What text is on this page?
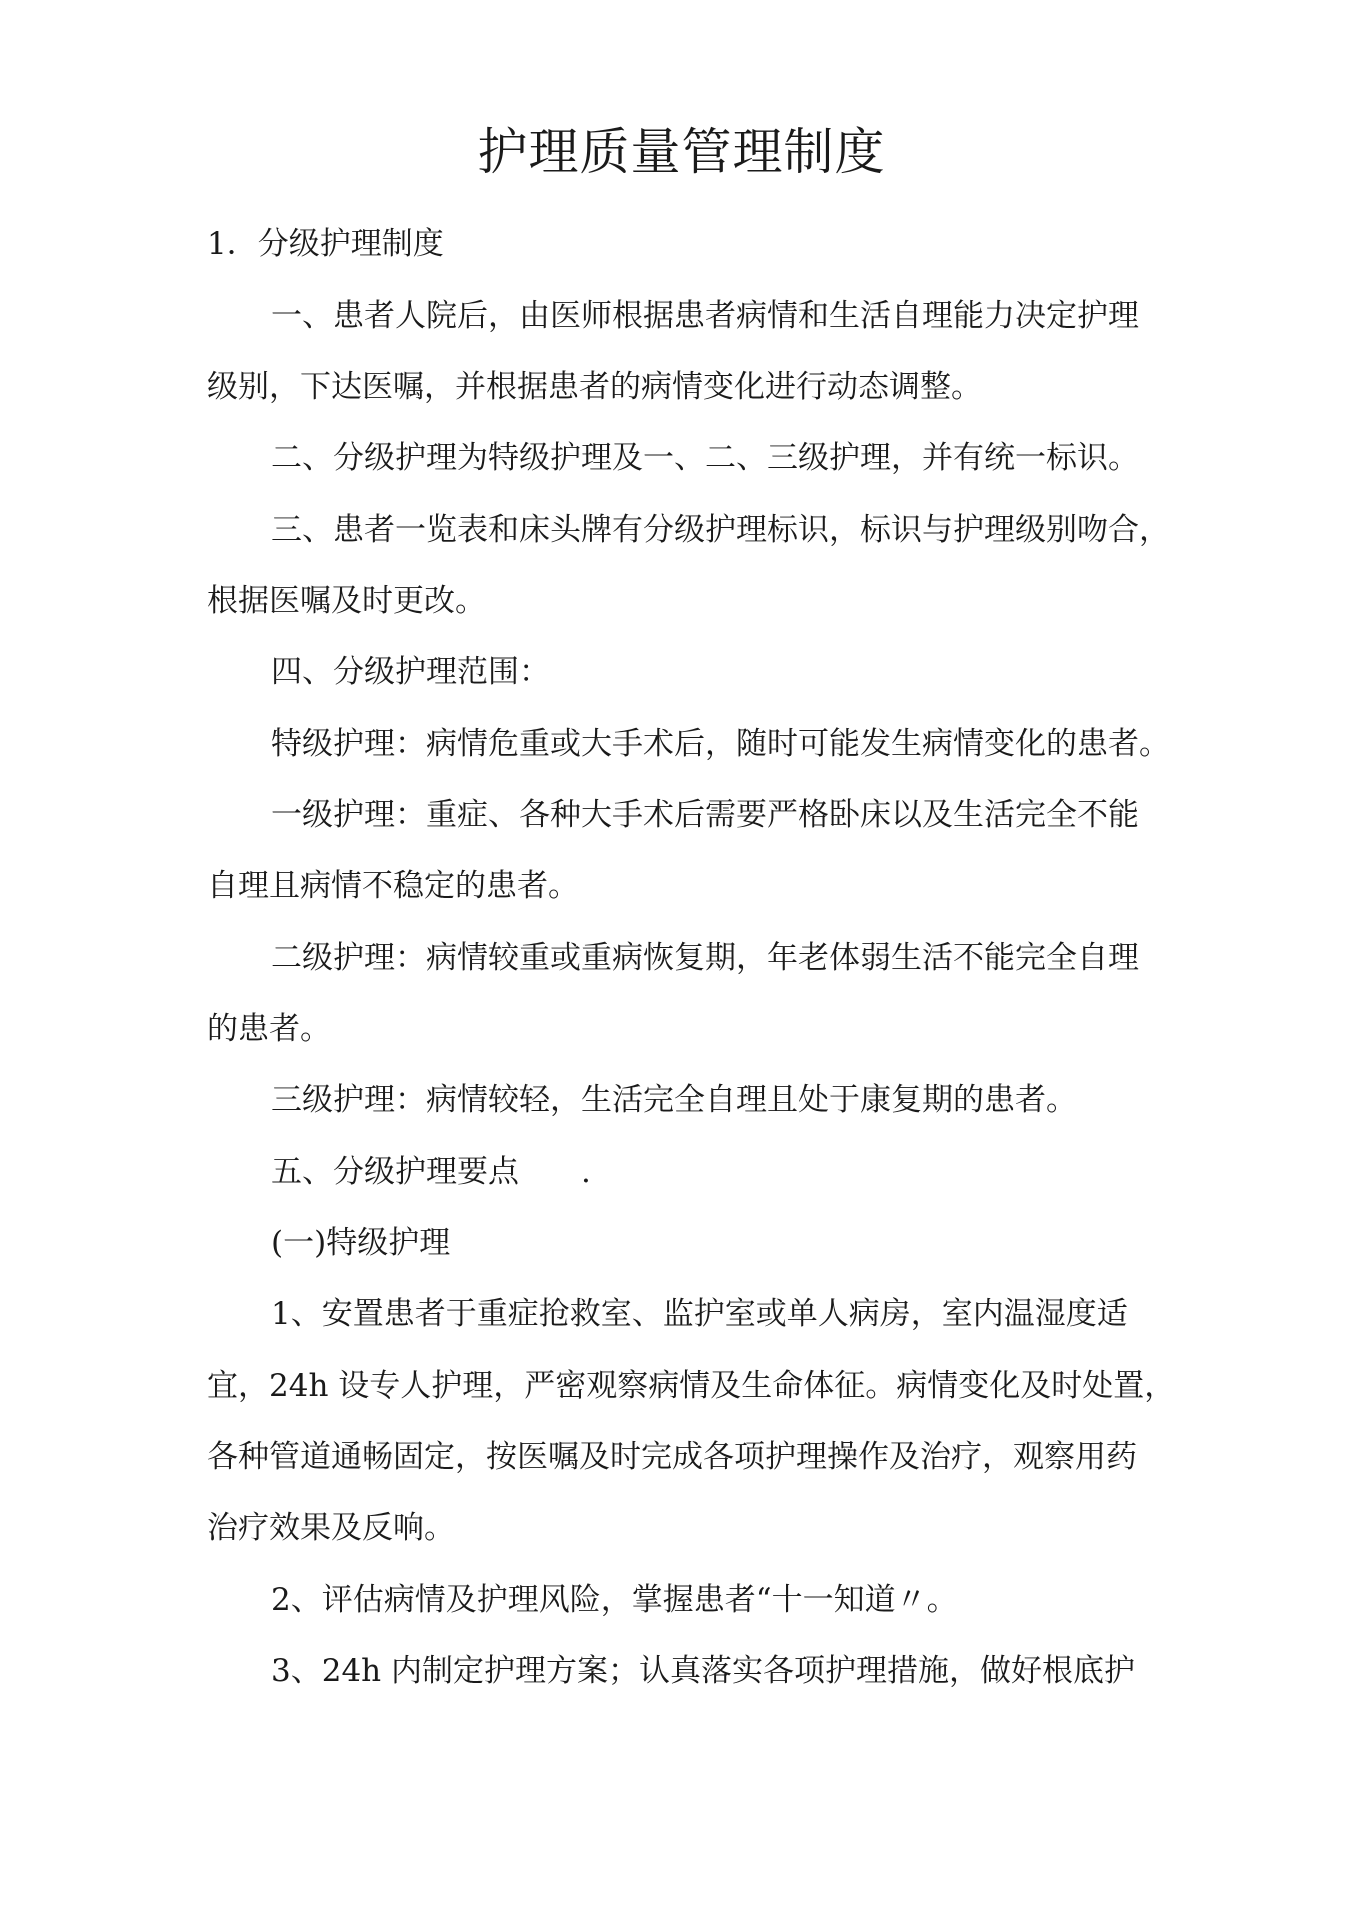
护理质量管理制度
1．分级护理制度
一、患者人院后，由医师根据患者病情和生活自理能力决定护理
级别，下达医嘱，并根据患者的病情变化进行动态调整。
二、分级护理为特级护理及一、二、三级护理，并有统一标识。
三、患者一览表和床头牌有分级护理标识，标识与护理级别吻合，
根据医嘱及时更改。
四、分级护理范围：
特级护理：病情危重或大手术后，随时可能发生病情变化的患者。
一级护理：重症、各种大手术后需要严格卧床以及生活完全不能
自理且病情不稳定的患者。
二级护理：病情较重或重病恢复期，年老体弱生活不能完全自理
的患者。
三级护理：病情较轻，生活完全自理且处于康复期的患者。
五、分级护理要点　　.
(一)特级护理
1、安置患者于重症抢救室、监护室或单人病房，室内温湿度适
宜，24h 设专人护理，严密观察病情及生命体征。病情变化及时处置，
各种管道通畅固定，按医嘱及时完成各项护理操作及治疗，观察用药
治疗效果及反响。
2、评估病情及护理风险，掌握患者“十一知道〃。
3、24h 内制定护理方案；认真落实各项护理措施，做好根底护
